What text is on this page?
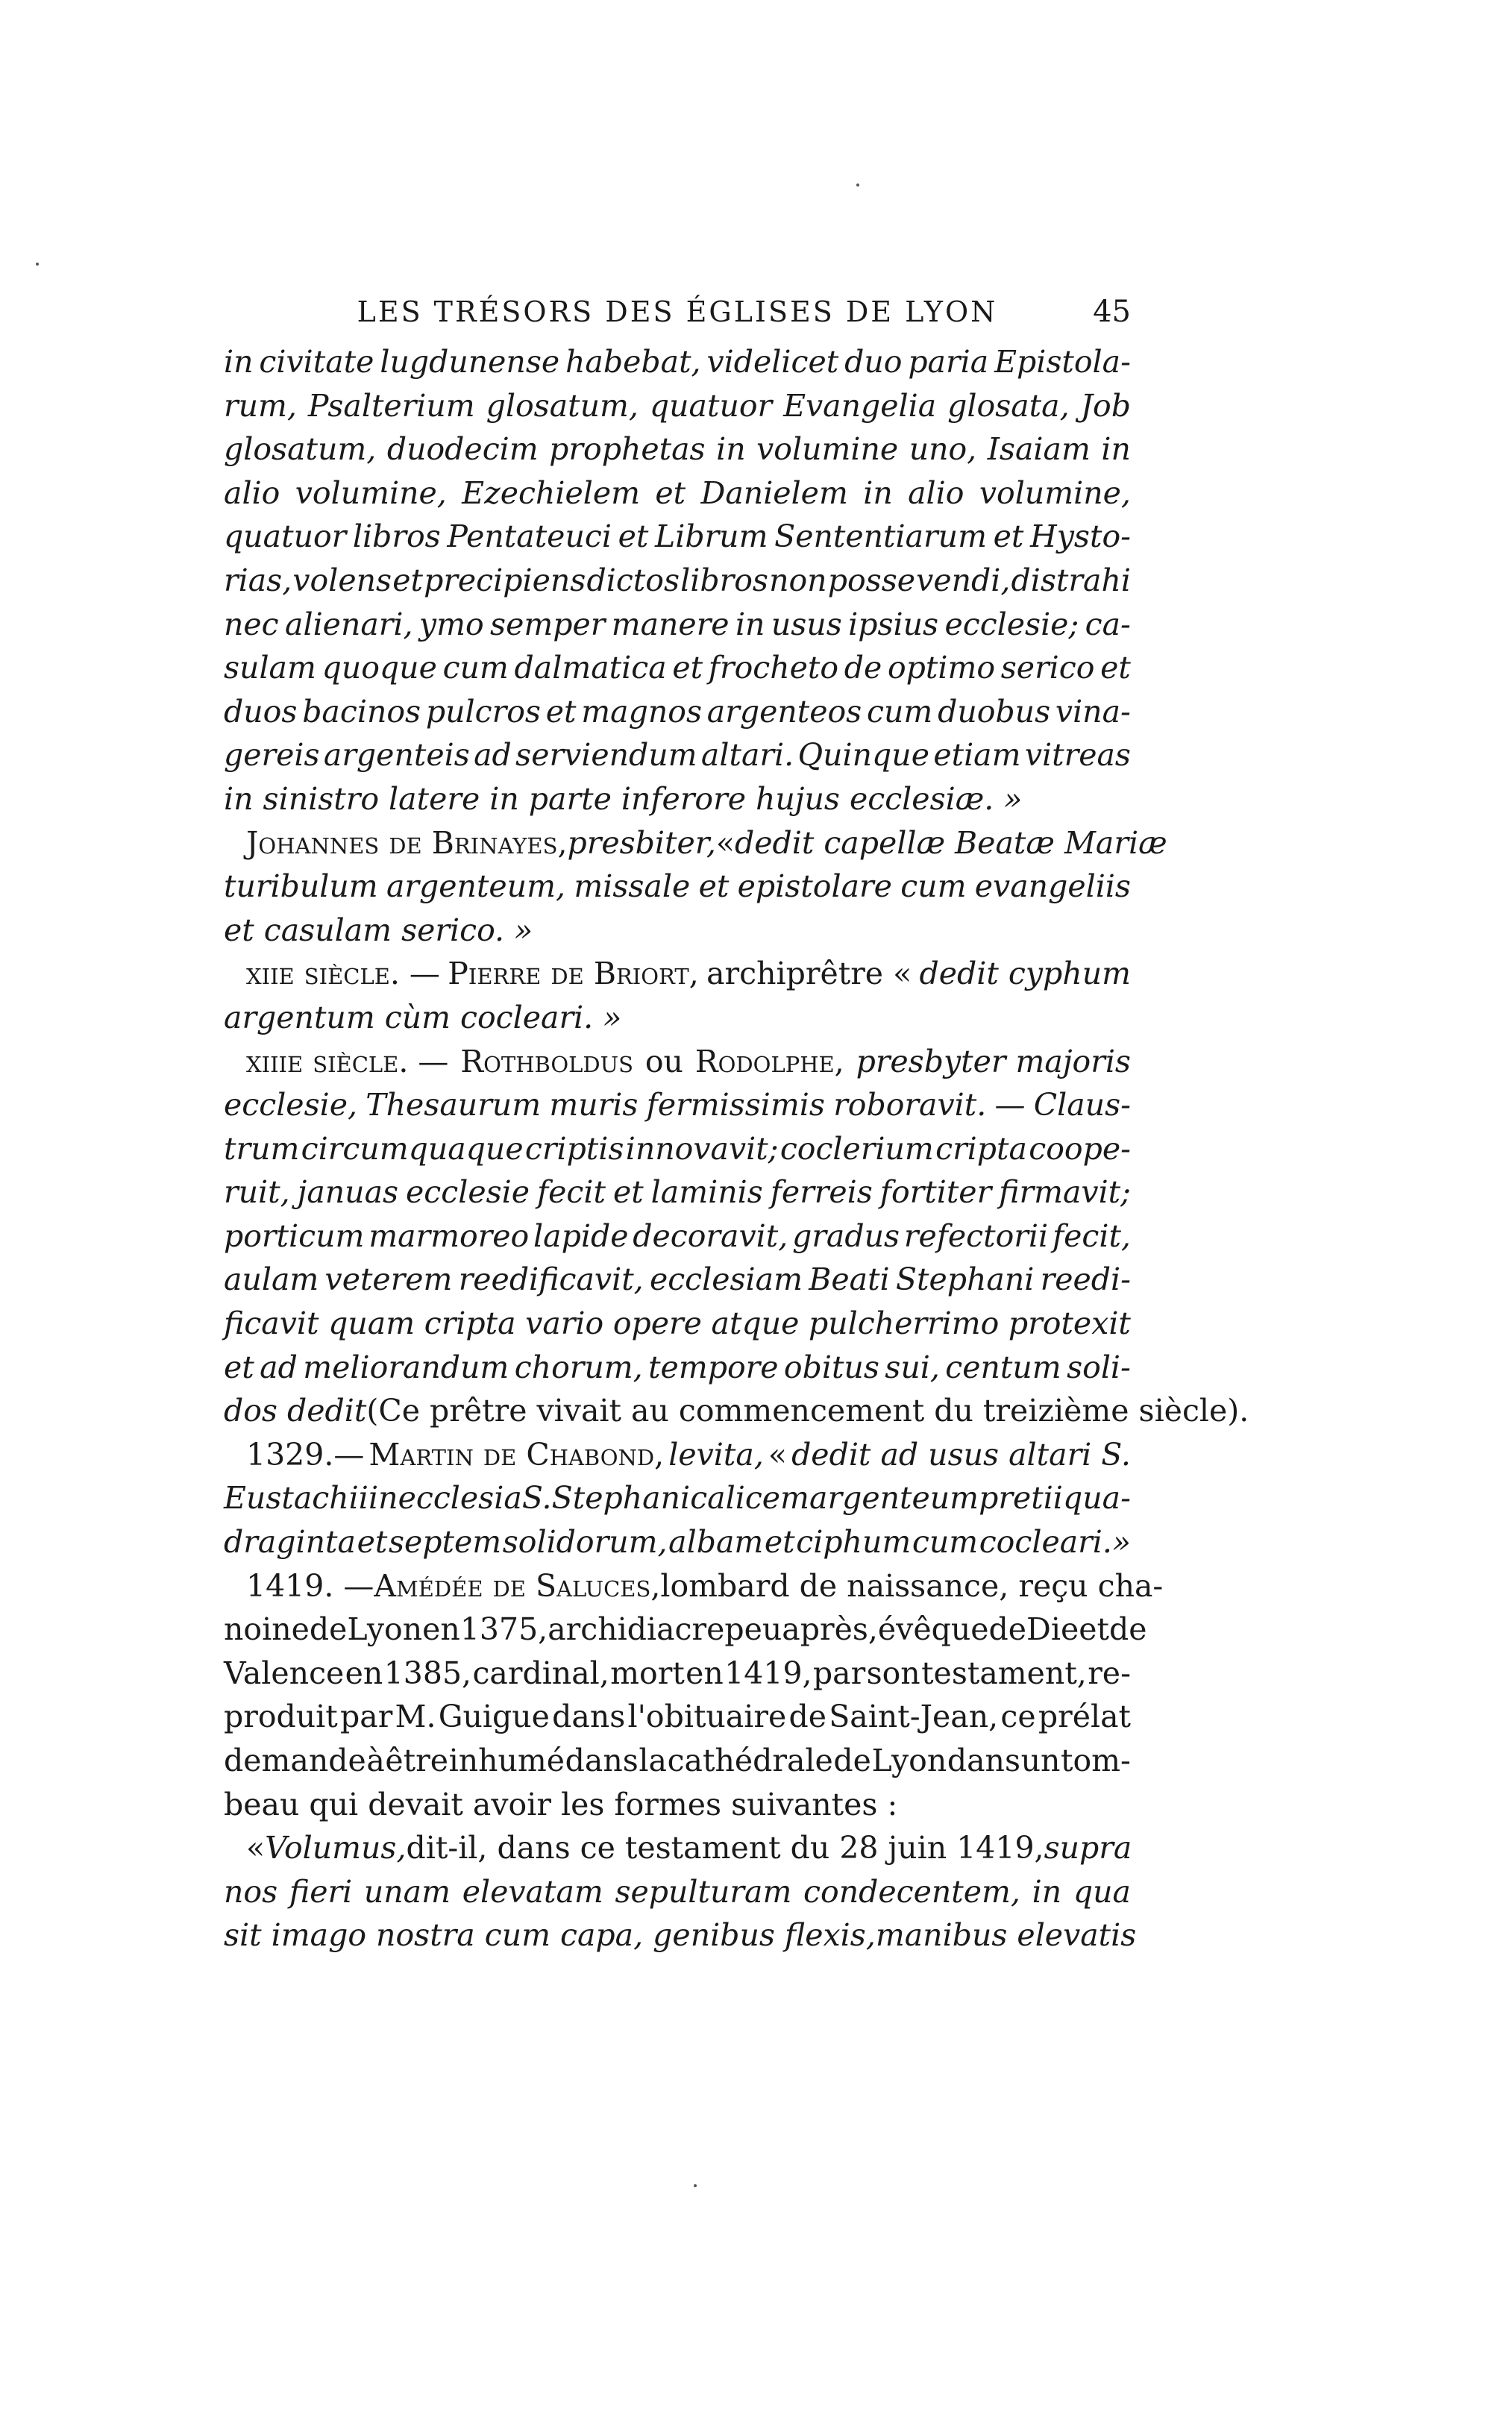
LES TRÉSORS DES ÉGLISES DE LYON	45
in civitate lugdunense habebat, videlicet duo paria Epistola-
rum, Psalterium glosatum, quatuor Evangelia glosata, Job
glosatum, duodecim prophetas in volumine uno, Isaiam in
alio volumine, Ezechielem et Danielem in alio volumine,
quatuor libros Pentateuci et Librum Sententiarum et Hysto-
rias, volens et precipiens dictos libros non posse vendi, distrahi
nec alienari, ymo semper manere in usus ipsius ecclesie; ca-
sulam quoque cum dalmatica et frocheto de optimo serico et
duos bacinos pulcros et magnos argenteos cum duobus vina-
gereis argenteis ad serviendum altari. Quinque etiam vitreas
in sinistro latere in parte inferore hujus ecclesiæ. »
Johannes de Brinayes, presbiter, « dedit capellæ Beatæ Mariæ
turibulum argenteum, missale et epistolare cum evangeliis
et casulam serico. »
xiie siècle. — Pierre de Briort, archiprêtre « dedit cyphum
argentum cùm cocleari. »
xiiie siècle. — Rothboldus ou Rodolphe, presbyter majoris
ecclesie, Thesaurum muris fermissimis roboravit. — Claus-
trum circumquaque criptis innovavit; coclerium cripta coope-
ruit, januas ecclesie fecit et laminis ferreis fortiter firmavit;
porticum marmoreo lapide decoravit, gradus refectorii fecit,
aulam veterem reedificavit, ecclesiam Beati Stephani reedi-
ficavit quam cripta vario opere atque pulcherrimo protexit
et ad meliorandum chorum, tempore obitus sui, centum soli-
dos dedit (Ce prêtre vivait au commencement du treizième siècle).
1329.— Martin de Chabond, levita, « dedit ad usus altari S.
Eustachii in ecclesia S. Stephani calicem argenteum pretii qua-
draginta et septem solidorum, albam et ciphum cum cocleari.»
1419. — Amédée de Saluces, lombard de naissance, reçu cha-
noine de Lyon en 1375, archidiacre peu après, évêque de Die et de
Valence en 1385, cardinal, mort en 1419, par son testament, re-
produit par M. Guigue dans l'obituaire de Saint-Jean, ce prélat
demande à être inhumé dans la cathédrale de Lyon dans un tom-
beau qui devait avoir les formes suivantes :
« Volumus, dit-il, dans ce testament du 28 juin 1419, supra
nos fieri unam elevatam sepulturam condecentem, in qua
sit imago nostra cum capa, genibus flexis, manibus elevatis
